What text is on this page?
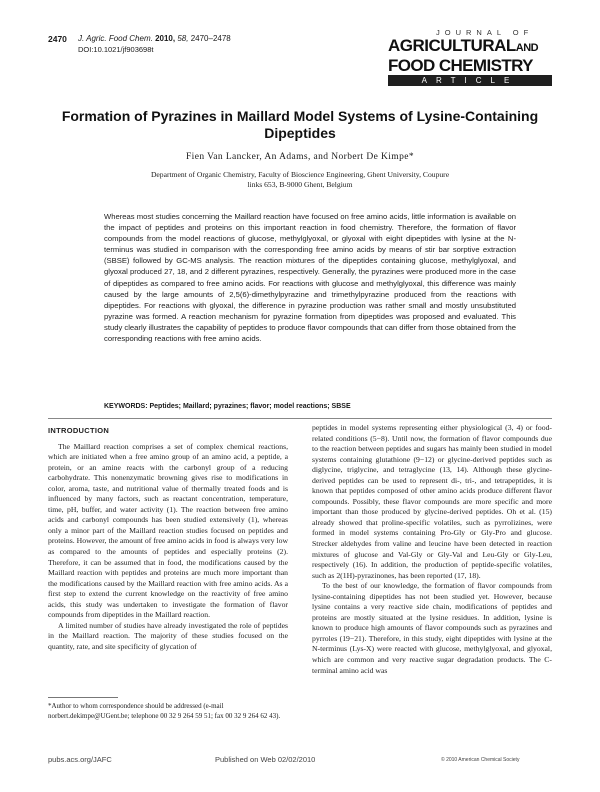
2470 J. Agric. Food Chem. 2010, 58, 2470–2478
DOI:10.1021/jf903698t
JOURNAL OF
AGRICULTURALAND
FOOD CHEMISTRY
ARTICLE
Formation of Pyrazines in Maillard Model Systems of Lysine-Containing Dipeptides
Fien Van Lancker, An Adams, and Norbert De Kimpe*
Department of Organic Chemistry, Faculty of Bioscience Engineering, Ghent University, Coupure links 653, B-9000 Ghent, Belgium
Whereas most studies concerning the Maillard reaction have focused on free amino acids, little information is available on the impact of peptides and proteins on this important reaction in food chemistry. Therefore, the formation of flavor compounds from the model reactions of glucose, methylglyoxal, or glyoxal with eight dipeptides with lysine at the N-terminus was studied in comparison with the corresponding free amino acids by means of stir bar sorptive extraction (SBSE) followed by GC-MS analysis. The reaction mixtures of the dipeptides containing glucose, methylglyoxal, and glyoxal produced 27, 18, and 2 different pyrazines, respectively. Generally, the pyrazines were produced more in the case of dipeptides as compared to free amino acids. For reactions with glucose and methylglyoxal, this difference was mainly caused by the large amounts of 2,5(6)-dimethylpyrazine and trimethylpyrazine produced from the reactions with dipeptides. For reactions with glyoxal, the difference in pyrazine production was rather small and mostly unsubstituted pyrazine was formed. A reaction mechanism for pyrazine formation from dipeptides was proposed and evaluated. This study clearly illustrates the capability of peptides to produce flavor compounds that can differ from those obtained from the corresponding reactions with free amino acids.
KEYWORDS: Peptides; Maillard; pyrazines; flavor; model reactions; SBSE
INTRODUCTION

The Maillard reaction comprises a set of complex chemical reactions, which are initiated when a free amino group of an amino acid, a peptide, a protein, or an amine reacts with the carbonyl group of a reducing carbohydrate. This nonenzymatic browning gives rise to modifications in color, aroma, taste, and nutritional value of thermally treated foods and is influenced by many factors, such as reactant concentration, temperature, time, pH, buffer, and water activity (1). The reaction between free amino acids and carbonyl compounds has been studied extensively (1), whereas only a minor part of the Maillard reaction studies focused on peptides and proteins. However, the amount of free amino acids in food is always very low as compared to the amounts of peptides and especially proteins (2). Therefore, it can be assumed that in food, the modifications caused by the Maillard reaction with peptides and proteins are much more important than the modifications caused by the Maillard reaction with free amino acids. As a first step to extend the current knowledge on the reactivity of free amino acids, this study was undertaken to investigate the formation of flavor compounds from dipeptides in the Maillard reaction.

A limited number of studies have already investigated the role of peptides in the Maillard reaction. The majority of these studies focused on the quantity, rate, and site specificity of glycation of

peptides in model systems representing either physiological (3, 4) or food-related conditions (5−8). Until now, the formation of flavor compounds due to the reaction between peptides and sugars has mainly been studied in model systems containing glutathione (9−12) or glycine-derived peptides such as diglycine, triglycine, and tetraglycine (13, 14). Although these glycine-derived peptides can be used to represent di-, tri-, and tetrapeptides, it is known that peptides composed of other amino acids produce different flavor compounds. Possibly, these flavor compounds are more specific and more important than those produced by glycine-derived peptides. Oh et al. (15) already showed that proline-specific volatiles, such as pyrrolizines, were formed in model systems containing Pro-Gly or Gly-Pro and glucose. Strecker aldehydes from valine and leucine have been detected in reaction mixtures of glucose and Val-Gly or Gly-Val and Leu-Gly or Gly-Leu, respectively (16). In addition, the production of peptide-specific volatiles, such as 2(1H)-pyrazinones, has been reported (17, 18).

To the best of our knowledge, the formation of flavor compounds from lysine-containing dipeptides has not been studied yet. However, because lysine contains a very reactive side chain, modifications of peptides and proteins are mostly situated at the lysine residues. In addition, lysine is known to produce high amounts of flavor compounds such as pyrazines and pyrroles (19−21). Therefore, in this study, eight dipeptides with lysine at the N-terminus (Lys-X) were reacted with glucose, methylglyoxal, and glyoxal, which are common and very reactive sugar degradation products. The C-terminal amino acid was

*Author to whom correspondence should be addressed (e-mail norbert.dekimpe@UGent.be; telephone 00 32 9 264 59 51; fax 00 32 9 264 62 43).
pubs.acs.org/JAFC	Published on Web 02/02/2010	© 2010 American Chemical Society
